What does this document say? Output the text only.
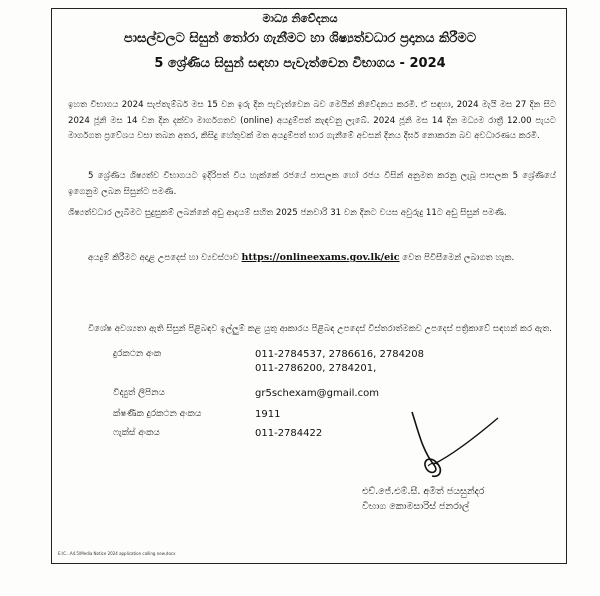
මාධ්‍ය නිවේදනය
පාසල්වලට සිසුන් තෝරා ගැනීමට හා ශිෂ්‍යත්වධාර ප්‍රදානය කිරීමට
5 ශ්‍රේණිය සිසුන් සඳහා පැවැත්වෙන විභාගය - 2024
ඉහත විභාගය 2024 සැප්තැම්බර් මස 15 වන ඉරු දින පැවැත්වෙන බව මෙයින් නිවේදනය කරමි. ඒ සඳහා, 2024 මැයි මස 27 දින සිට 2024 ජූනි මස 14 වන දින දක්වා මාර්ගගතව (online) අයදුම්පත් කැඳවනු ලැබේ. 2024 ජූනි මස 14 දින මධ්‍යම රාත්‍රී 12.00 පැයට මාර්ගගත ප්‍රවේශය වසා තබන අතර, කිසිදු හේතුවක් මත අයදුම්පත් භාර ගැනීමේ අවසන් දිනය දීර්ඝ නොකරන බව අවධාරණය කරමි.
5 ශ්‍රේණිය ශිෂ්‍යත්ව විභාගයට ඉදිරිපත් විය හැක්කේ රජයේ පාසලක හෝ රජය විසින් අනුමත කරනු ලැබූ පාසලක 5 ශ්‍රේණියේ ඉගෙනුම ලබන සිසුන්ට පමණි.
ශිෂ්‍යත්වධාර ලැබීමට සුදුසුකම් ලබන්නේ අඩු ආදායම් සහිත 2025 ජනවාරි 31 වන දිනට වයස අවුරුදු 11ට අඩු සිසුන් පමණි.
අයදුම් කිරීමට අදාළ උපදෙස් හා ව්‍යවස්ථාව https://onlineexams.gov.lk/eic වෙත පිවිසීමෙන් ලබාගත හැක.
විශේෂ අවශ්‍යතා ඇති සිසුන් පිළිබඳව ඉල්ලුම් කළ යුතු ආකාරය පිළිබඳ උපදෙස් විස්තරාත්මකව උපදෙස් පත්‍රිකාවේ සඳහන් කර ඇත.
දුරකථන අංක	011-2784537, 2786616, 2784208
011-2786200, 2784201,
විද්‍යුත් ලිපිනය	gr5schexam@gmail.com
ක්ෂණික දුරකථන අංකය	1911
ෆැක්ස් අංකය	011-2784422
එච්.ජේ.එම්.සී. අමිත් ජයසුන්දර
විභාග කොමසාරිස් ජනරාල්
E:\C...A4.5\Media Notice 2024 application calling new.docx
